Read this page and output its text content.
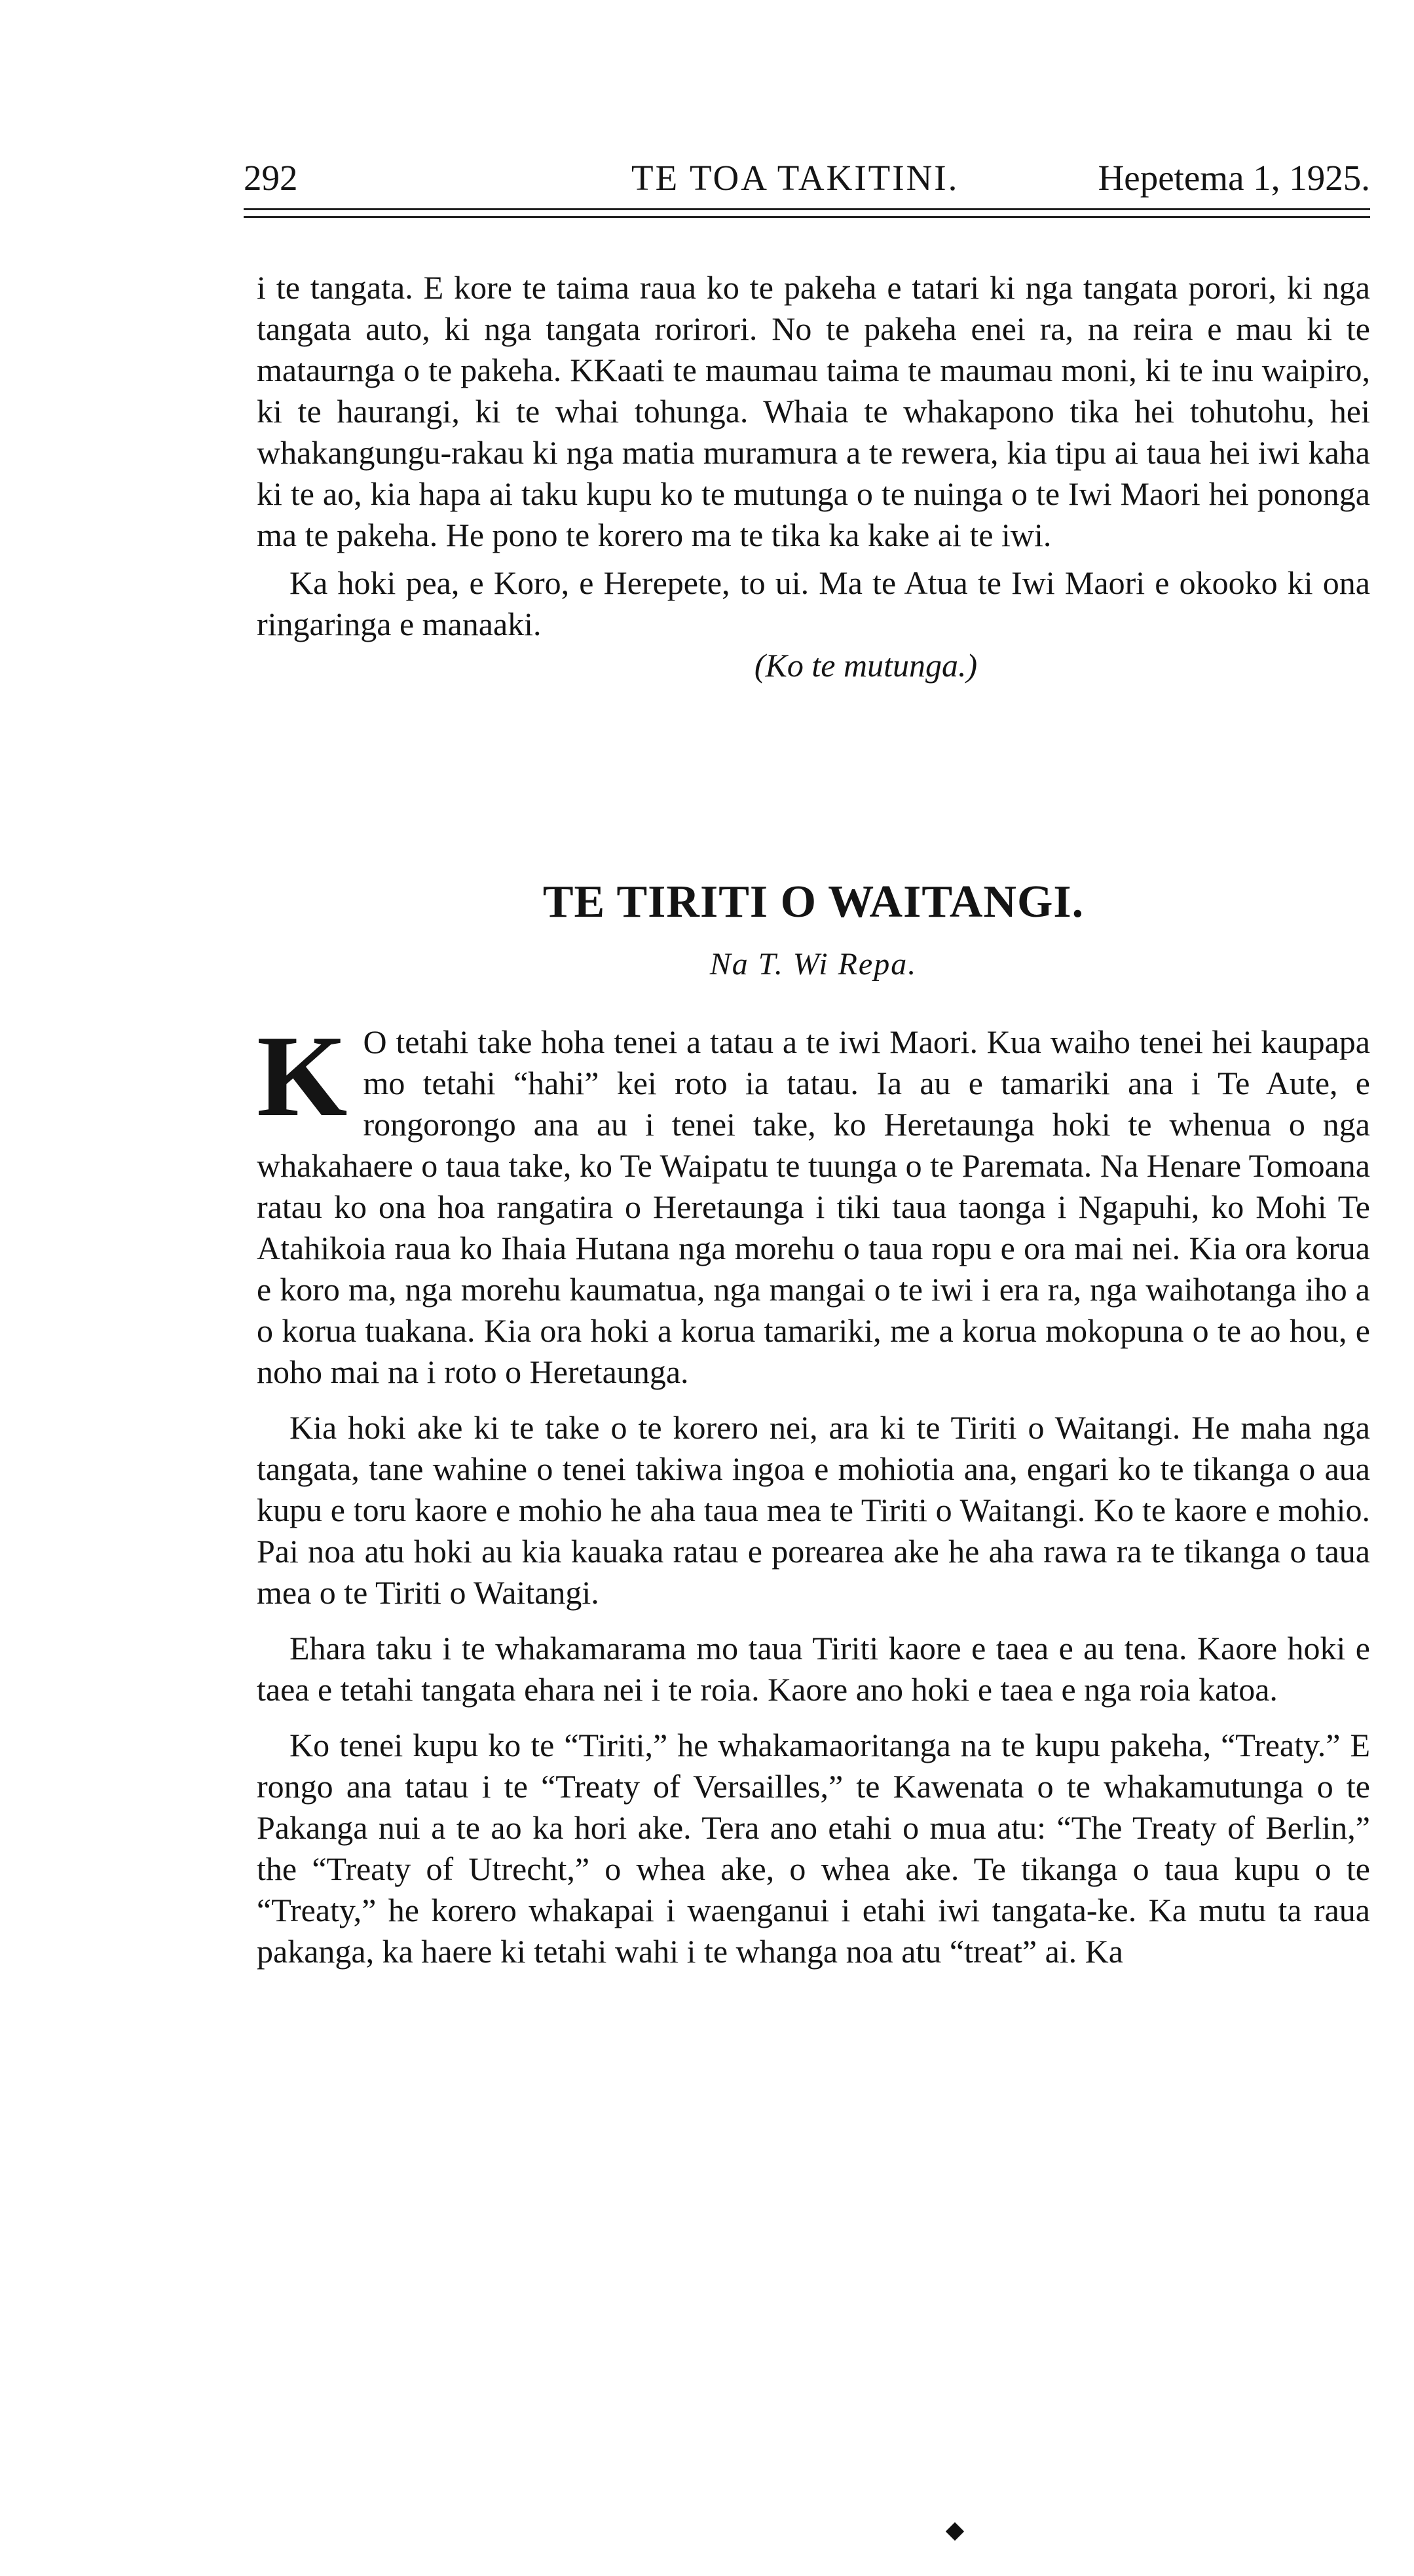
292	TE TOA TAKITINI.	Hepetema 1, 1925.

i te tangata. E kore te taima raua ko te pakeha e tatari ki nga tangata porori, ki nga tangata auto, ki nga tangata rorirori. No te pakeha enei ra, na reira e mau ki te mataurnga o te pakeha. KKaati te maumau taima te maumau moni, ki te inu waipiro, ki te haurangi, ki te whai tohunga. Whaia te whakapono tika hei tohutohu, hei whakangungu-rakau ki nga matia muramura a te rewera, kia tipu ai taua hei iwi kaha ki te ao, kia hapa ai taku kupu ko te mutunga o te nuinga o te Iwi Maori hei pononga ma te pakeha. He pono te korero ma te tika ka kake ai te iwi.

Ka hoki pea, e Koro, e Herepete, to ui. Ma te Atua te Iwi Maori e okooko ki ona ringaringa e manaaki.

(Ko te mutunga.)

TE TIRITI O WAITANGI.
Na T. Wi Repa.

K O tetahi take hoha tenei a tatau a te iwi Maori. Kua waiho tenei hei kaupapa mo tetahi “hahi” kei roto ia tatau. Ia au e tamariki ana i Te Aute, e rongorongo ana au i tenei take, ko Heretaunga hoki te whenua o nga whakahaere o taua take, ko Te Waipatu te tuunga o te Paremata. Na Henare Tomoana ratau ko ona hoa rangatira o Heretaunga i tiki taua taonga i Ngapuhi, ko Mohi Te Atahikoia raua ko Ihaia Hutana nga morehu o taua ropu e ora mai nei. Kia ora korua e koro ma, nga morehu kaumatua, nga mangai o te iwi i era ra, nga waihotanga iho a o korua tuakana. Kia ora hoki a korua tamariki, me a korua mokopuna o te ao hou, e noho mai na i roto o Heretaunga.

Kia hoki ake ki te take o te korero nei, ara ki te Tiriti o Waitangi. He maha nga tangata, tane wahine o tenei takiwa ingoa e mohiotia ana, engari ko te tikanga o aua kupu e toru kaore e mohio he aha taua mea te Tiriti o Waitangi. Ko te kaore e mohio. Pai noa atu hoki au kia kauaka ratau e porearea ake he aha rawa ra te tikanga o taua mea o te Tiriti o Waitangi.

Ehara taku i te whakamarama mo taua Tiriti kaore e taea e au tena. Kaore hoki e taea e tetahi tangata ehara nei i te roia. Kaore ano hoki e taea e nga roia katoa.

Ko tenei kupu ko te “Tiriti,” he whakamaoritanga na te kupu pakeha, “Treaty.” E rongo ana tatau i te “Treaty of Versailles,” te Kawenata o te whakamutunga o te Pakanga nui a te ao ka hori ake. Tera ano etahi o mua atu: “The Treaty of Berlin,” the “Treaty of Utrecht,” o whea ake, o whea ake. Te tikanga o taua kupu o te “Treaty,” he korero whakapai i waenganui i etahi iwi tangata-ke. Ka mutu ta raua pakanga, ka haere ki tetahi wahi i te whanga noa atu “treat” ai. Ka
